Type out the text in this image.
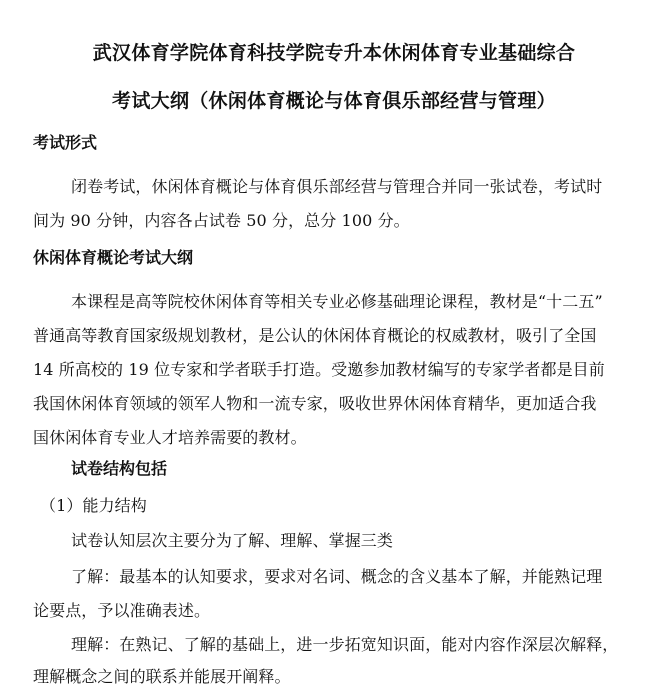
武汉体育学院体育科技学院专升本休闲体育专业基础综合
考试大纲（休闲体育概论与体育俱乐部经营与管理）
考试形式
闭卷考试，休闲体育概论与体育俱乐部经营与管理合并同一张试卷，考试时
间为 90 分钟，内容各占试卷 50 分，总分 100 分。
休闲体育概论考试大纲
本课程是高等院校休闲体育等相关专业必修基础理论课程，教材是“十二五”
普通高等教育国家级规划教材，是公认的休闲体育概论的权威教材，吸引了全国
14 所高校的 19 位专家和学者联手打造。受邀参加教材编写的专家学者都是目前
我国休闲体育领域的领军人物和一流专家，吸收世界休闲体育精华，更加适合我
国休闲体育专业人才培养需要的教材。
试卷结构包括
（1）能力结构
试卷认知层次主要分为了解、理解、掌握三类
了解：最基本的认知要求，要求对名词、概念的含义基本了解，并能熟记理
论要点，予以准确表述。
理解：在熟记、了解的基础上，进一步拓宽知识面，能对内容作深层次解释，
理解概念之间的联系并能展开阐释。
